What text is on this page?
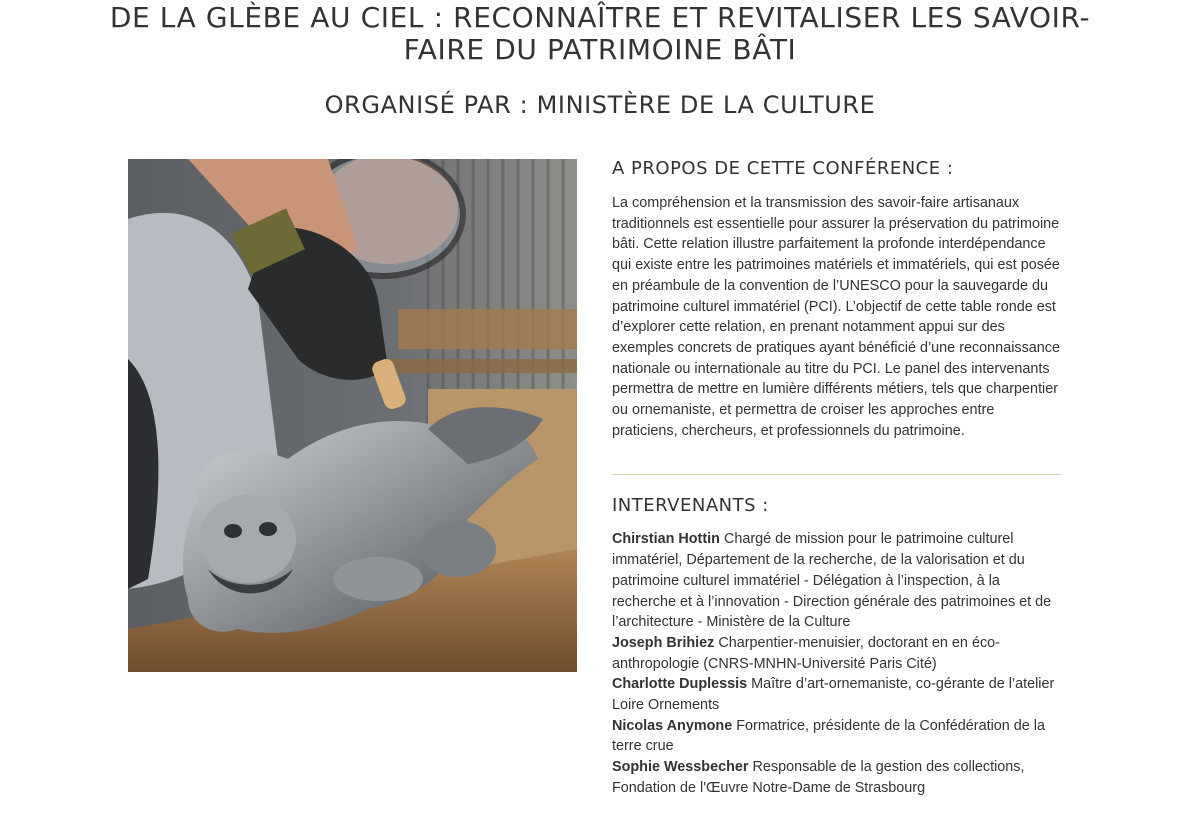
DE LA GLÈBE AU CIEL : RECONNAÎTRE ET REVITALISER LES SAVOIR-FAIRE DU PATRIMOINE BÂTI
ORGANISÉ PAR : MINISTÈRE DE LA CULTURE
A PROPOS DE CETTE CONFÉRENCE :

La compréhension et la transmission des savoir-faire artisanaux traditionnels est essentielle pour assurer la préservation du patrimoine bâti. Cette relation illustre parfaitement la profonde interdépendance qui existe entre les patrimoines matériels et immatériels, qui est posée en préambule de la convention de l’UNESCO pour la sauvegarde du patrimoine culturel immatériel (PCI). L’objectif de cette table ronde est d’explorer cette relation, en prenant notamment appui sur des exemples concrets de pratiques ayant bénéficié d’une reconnaissance nationale ou internationale au titre du PCI. Le panel des intervenants permettra de mettre en lumière différents métiers, tels que charpentier ou ornemaniste, et permettra de croiser les approches entre praticiens, chercheurs, et professionnels du patrimoine.

INTERVENANTS :

Chirstian Hottin Chargé de mission pour le patrimoine culturel immatériel, Département de la recherche, de la valorisation et du patrimoine culturel immatériel - Délégation à l’inspection, à la recherche et à l’innovation - Direction générale des patrimoines et de l’architecture - Ministère de la Culture

Joseph Brihiez Charpentier-menuisier, doctorant en en éco-anthropologie (CNRS-MNHN-Université Paris Cité)

Charlotte Duplessis Maître d’art-ornemaniste, co-gérante de l’atelier Loire Ornements

Nicolas Anymone Formatrice, présidente de la Confédération de la terre crue

Sophie Wessbecher Responsable de la gestion des collections, Fondation de l'Œuvre Notre-Dame de Strasbourg
